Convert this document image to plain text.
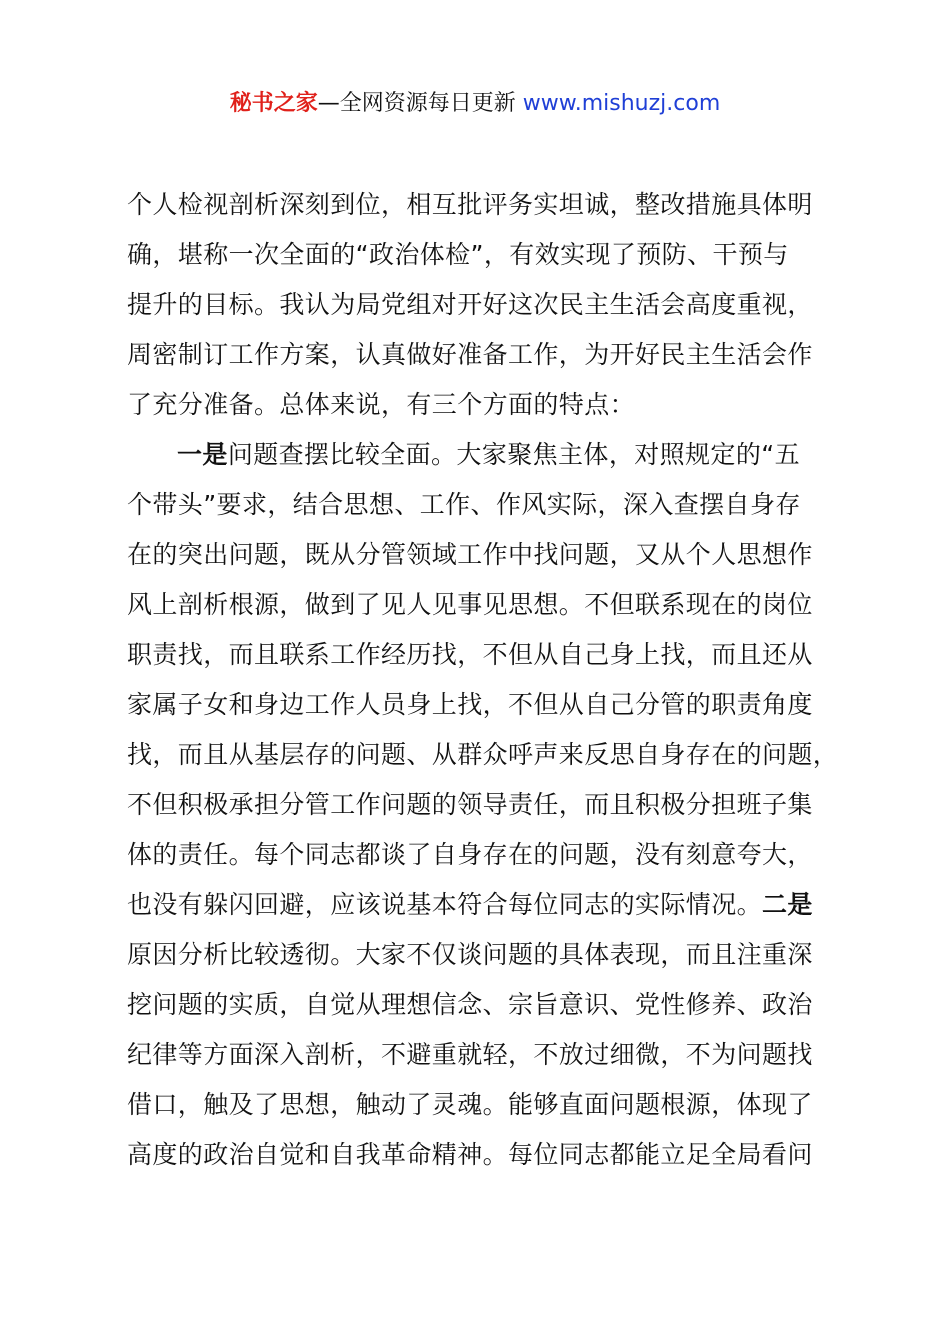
秘书之家—全网资源每日更新 www.mishuzj.com
个人检视剖析深刻到位，相互批评务实坦诚，整改措施具体明
确，堪称一次全面的“政治体检”，有效实现了预防、干预与
提升的目标。我认为局党组对开好这次民主生活会高度重视，
周密制订工作方案，认真做好准备工作，为开好民主生活会作
了充分准备。总体来说，有三个方面的特点：
一是问题查摆比较全面。大家聚焦主体，对照规定的“五
个带头”要求，结合思想、工作、作风实际，深入查摆自身存
在的突出问题，既从分管领域工作中找问题，又从个人思想作
风上剖析根源，做到了见人见事见思想。不但联系现在的岗位
职责找，而且联系工作经历找，不但从自己身上找，而且还从
家属子女和身边工作人员身上找，不但从自己分管的职责角度
找，而且从基层存的问题、从群众呼声来反思自身存在的问题，
不但积极承担分管工作问题的领导责任，而且积极分担班子集
体的责任。每个同志都谈了自身存在的问题，没有刻意夸大，
也没有躲闪回避，应该说基本符合每位同志的实际情况。二是
原因分析比较透彻。大家不仅谈问题的具体表现，而且注重深
挖问题的实质，自觉从理想信念、宗旨意识、党性修养、政治
纪律等方面深入剖析，不避重就轻，不放过细微，不为问题找
借口，触及了思想，触动了灵魂。能够直面问题根源，体现了
高度的政治自觉和自我革命精神。每位同志都能立足全局看问
